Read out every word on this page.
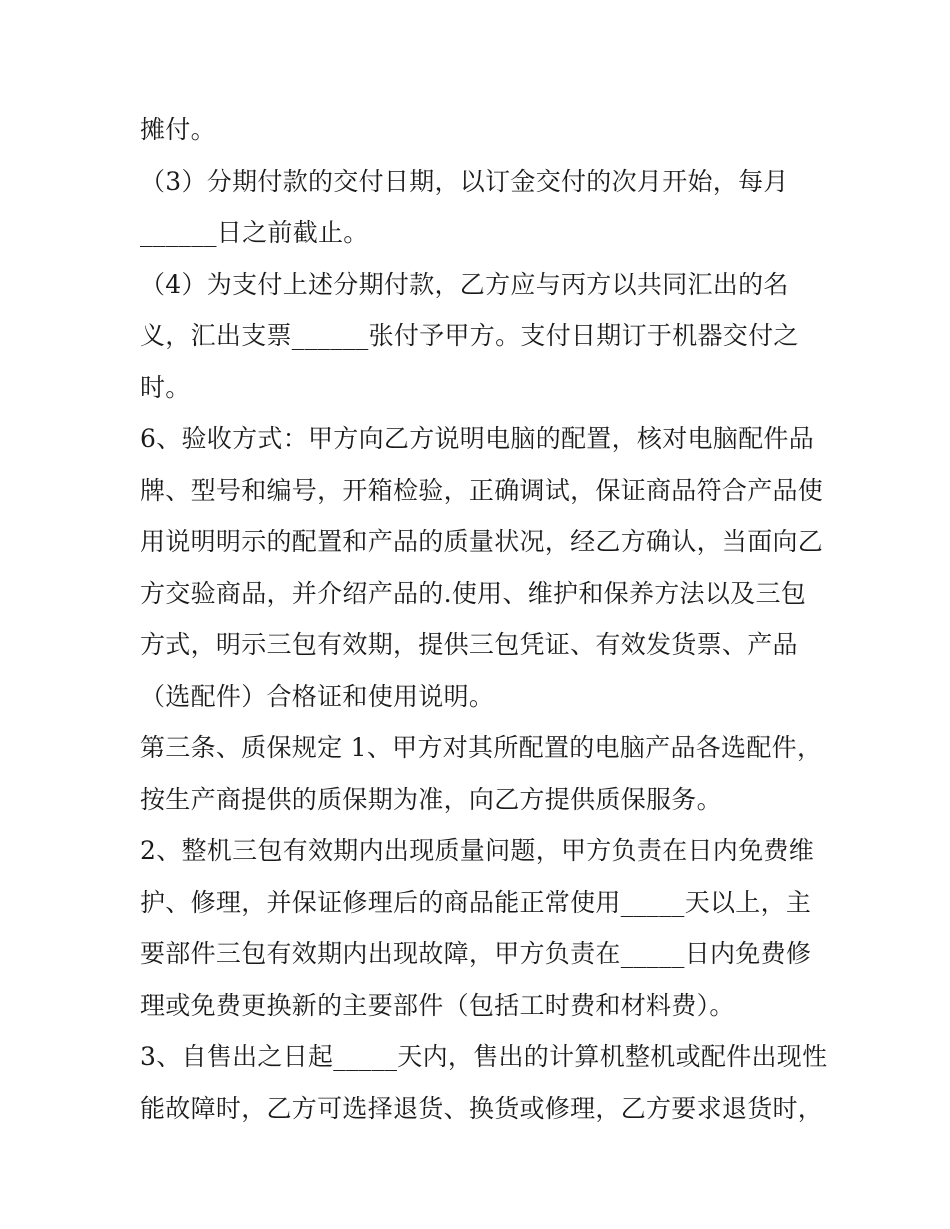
摊付。
（3）分期付款的交付日期，以订金交付的次月开始，每月
______日之前截止。
（4）为支付上述分期付款，乙方应与丙方以共同汇出的名
义，汇出支票______张付予甲方。支付日期订于机器交付之
时。
6、验收方式：甲方向乙方说明电脑的配置，核对电脑配件品
牌、型号和编号，开箱检验，正确调试，保证商品符合产品使
用说明明示的配置和产品的质量状况，经乙方确认，当面向乙
方交验商品，并介绍产品的.使用、维护和保养方法以及三包
方式，明示三包有效期，提供三包凭证、有效发货票、产品
（选配件）合格证和使用说明。
第三条、质保规定 1、甲方对其所配置的电脑产品各选配件，
按生产商提供的质保期为准，向乙方提供质保服务。
2、整机三包有效期内出现质量问题，甲方负责在日内免费维
护、修理，并保证修理后的商品能正常使用_____天以上，主
要部件三包有效期内出现故障，甲方负责在_____日内免费修
理或免费更换新的主要部件（包括工时费和材料费）。
3、自售出之日起_____天内，售出的计算机整机或配件出现性
能故障时，乙方可选择退货、换货或修理，乙方要求退货时，
